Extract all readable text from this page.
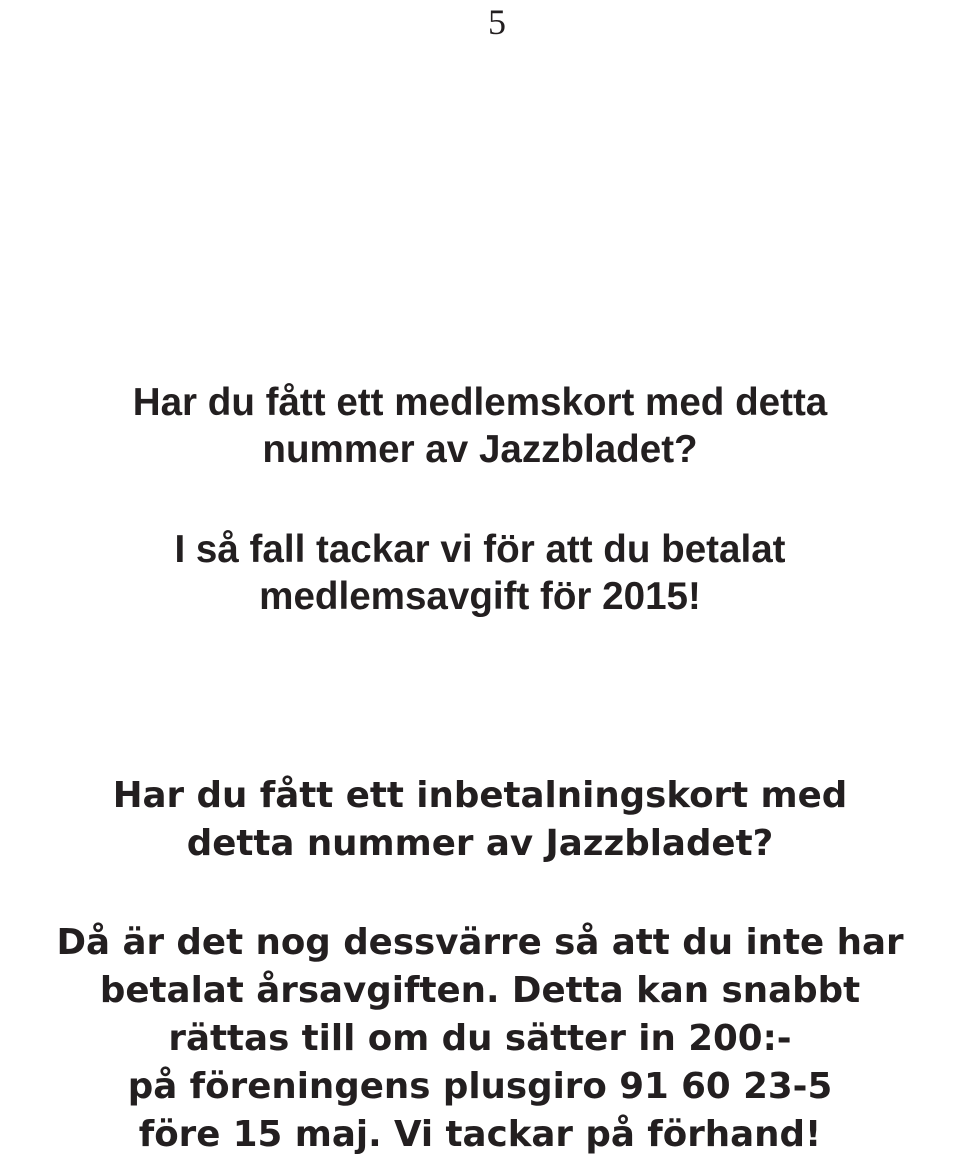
5
Har du fått ett medlemskort med detta
nummer av Jazzbladet?
I så fall tackar vi för att du betalat
medlemsavgift för 2015!
Har du fått ett inbetalningskort med
detta nummer av Jazzbladet?
Då är det nog dessvärre så att du inte har
betalat årsavgiften. Detta kan snabbt
rättas till om du sätter in 200:-
på föreningens plusgiro 91 60 23-5
före 15 maj. Vi tackar på förhand!
